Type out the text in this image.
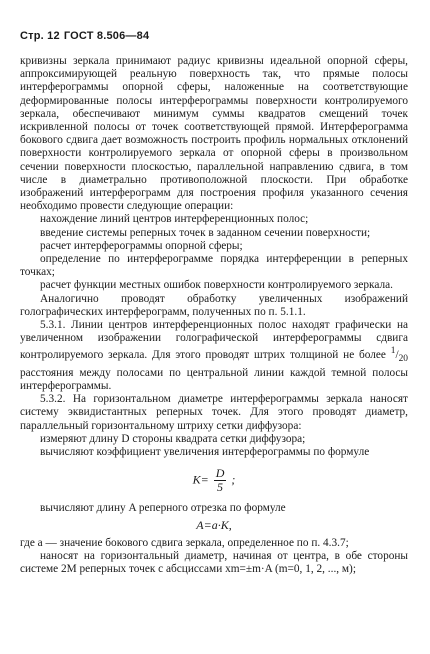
Стр. 12 ГОСТ 8.506—84

кривизны зеркала принимают радиус кривизны идеальной опорной сферы, аппроксимирующей реальную поверхность так, что прямые полосы интерферограммы опорной сферы, наложенные на соответствующие деформированные полосы интерферограммы поверхности контролируемого зеркала, обеспечивают минимум суммы квадратов смещений точек искривленной полосы от точек соответствующей прямой. Интерферограмма бокового сдвига дает возможность построить профиль нормальных отклонений поверхности контролируемого зеркала от опорной сферы в произвольном сечении поверхности плоскостью, параллельной направлению сдвига, в том числе в диаметрально противоположной плоскости. При обработке изображений интерферограмм для построения профиля указанного сечения необходимо провести следующие операции:

нахождение линий центров интерференционных полос;

введение системы реперных точек в заданном сечении поверхности;

расчет интерферограммы опорной сферы;

определение по интерферограмме порядка интерференции в реперных точках;

расчет функции местных ошибок поверхности контролируемого зеркала.

Аналогично проводят обработку увеличенных изображений голографических интерферограмм, полученных по п. 5.1.1.

5.3.1. Линии центров интерференционных полос находят графически на увеличенном изображении голографической интерферограммы сдвига контролируемого зеркала. Для этого проводят штрих толщиной не более $^1/_{20}$ расстояния между полосами по центральной линии каждой темной полосы интерферограммы.

5.3.2. На горизонтальном диаметре интерферограммы зеркала наносят систему эквидистантных реперных точек. Для этого проводят диаметр, параллельный горизонтальному штриху сетки диффузора:

измеряют длину D стороны квадрата сетки диффузора;

вычисляют коэффициент увеличения интерферограммы по формуле

$K= \frac{D}{5}$ ;

вычисляют длину A реперного отрезка по формуле

A=a·K,

где a — значение бокового сдвига зеркала, определенное по п. 4.3.7;

наносят на горизонтальный диаметр, начиная от центра, в обе стороны системе 2M реперных точек с абсциссами xm=±m·A (m=0, 1, 2, ..., м);
